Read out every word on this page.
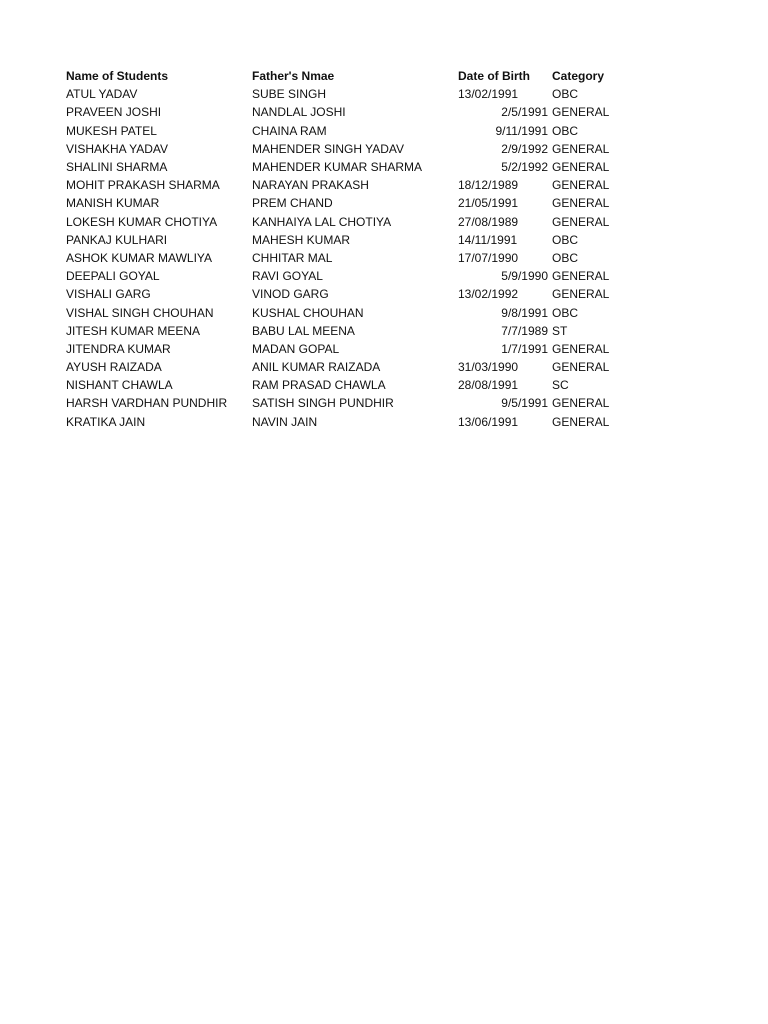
Name of Students	Father's Nmae	Date of Birth	Category
ATUL YADAV	SUBE SINGH	13/02/1991	OBC
PRAVEEN JOSHI	NANDLAL JOSHI	2/5/1991 GENERAL
MUKESH PATEL	CHAINA RAM	9/11/1991 OBC
VISHAKHA YADAV	MAHENDER SINGH YADAV	2/9/1992 GENERAL
SHALINI SHARMA	MAHENDER KUMAR SHARMA	5/2/1992 GENERAL
MOHIT PRAKASH SHARMA	NARAYAN PRAKASH	18/12/1989	GENERAL
MANISH KUMAR	PREM CHAND	21/05/1991	GENERAL
LOKESH KUMAR CHOTIYA	KANHAIYA LAL CHOTIYA	27/08/1989	GENERAL
PANKAJ KULHARI	MAHESH KUMAR	14/11/1991	OBC
ASHOK KUMAR MAWLIYA	CHHITAR MAL	17/07/1990	OBC
DEEPALI GOYAL	RAVI GOYAL	5/9/1990 GENERAL
VISHALI GARG	VINOD GARG	13/02/1992	GENERAL
VISHAL SINGH CHOUHAN	KUSHAL CHOUHAN	9/8/1991 OBC
JITESH KUMAR MEENA	BABU LAL MEENA	7/7/1989 ST
JITENDRA KUMAR	MADAN GOPAL	1/7/1991 GENERAL
AYUSH RAIZADA	ANIL KUMAR RAIZADA	31/03/1990	GENERAL
NISHANT CHAWLA	RAM PRASAD CHAWLA	28/08/1991	SC
HARSH VARDHAN PUNDHIR	SATISH SINGH PUNDHIR	9/5/1991 GENERAL
KRATIKA JAIN	NAVIN JAIN	13/06/1991	GENERAL
